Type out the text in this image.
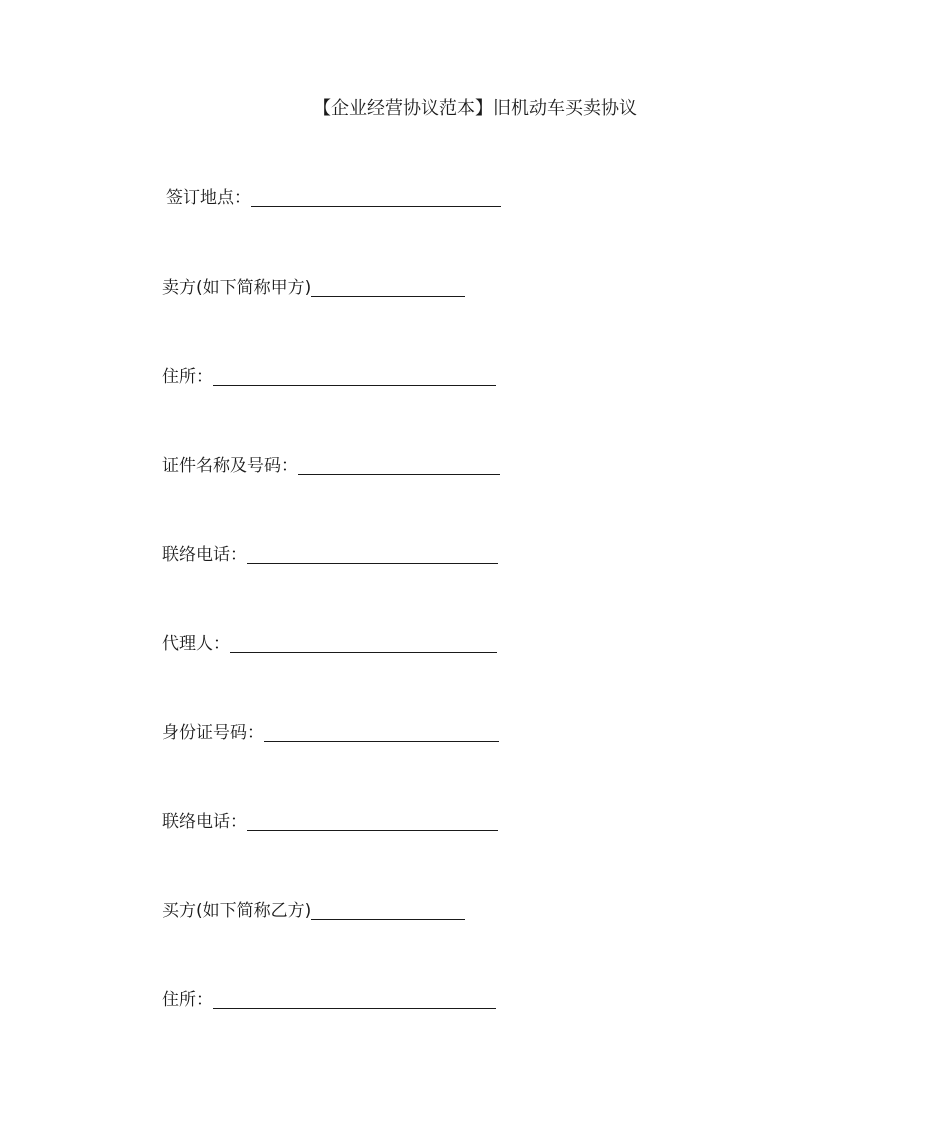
【企业经营协议范本】旧机动车买卖协议
签订地点：
卖方(如下简称甲方)
住所：
证件名称及号码：
联络电话：
代理人：
身份证号码：
联络电话：
买方(如下简称乙方)
住所：
